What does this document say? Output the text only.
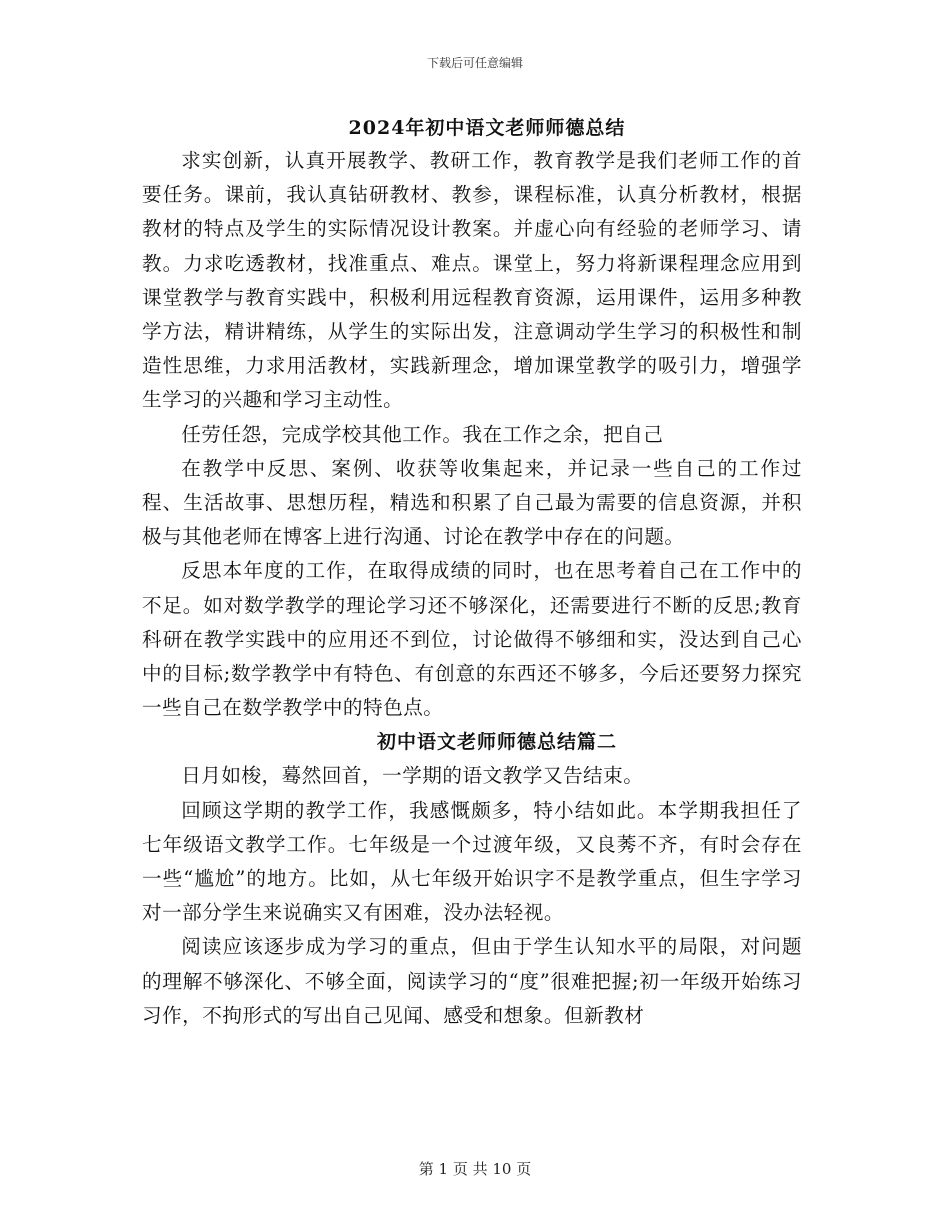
下载后可任意编辑
2024年初中语文老师师德总结

求实创新，认真开展教学、教研工作，教育教学是我们老师工作的首要任务。课前，我认真钻研教材、教参，课程标准，认真分析教材，根据教材的特点及学生的实际情况设计教案。并虚心向有经验的老师学习、请教。力求吃透教材，找准重点、难点。课堂上，努力将新课程理念应用到课堂教学与教育实践中，积极利用远程教育资源，运用课件，运用多种教学方法，精讲精练，从学生的实际出发，注意调动学生学习的积极性和制造性思维，力求用活教材，实践新理念，增加课堂教学的吸引力，增强学生学习的兴趣和学习主动性。

任劳任怨，完成学校其他工作。我在工作之余，把自己

在教学中反思、案例、收获等收集起来，并记录一些自己的工作过程、生活故事、思想历程，精选和积累了自己最为需要的信息资源，并积极与其他老师在博客上进行沟通、讨论在教学中存在的问题。

反思本年度的工作，在取得成绩的同时，也在思考着自己在工作中的不足。如对数学教学的理论学习还不够深化，还需要进行不断的反思;教育科研在教学实践中的应用还不到位，讨论做得不够细和实，没达到自己心中的目标;数学教学中有特色、有创意的东西还不够多，今后还要努力探究一些自己在数学教学中的特色点。

初中语文老师师德总结篇二

日月如梭，蓦然回首，一学期的语文教学又告结束。

回顾这学期的教学工作，我感慨颇多，特小结如此。本学期我担任了七年级语文教学工作。七年级是一个过渡年级，又良莠不齐，有时会存在一些“尴尬”的地方。比如，从七年级开始识字不是教学重点，但生字学习对一部分学生来说确实又有困难，没办法轻视。

阅读应该逐步成为学习的重点，但由于学生认知水平的局限，对问题的理解不够深化、不够全面，阅读学习的“度”很难把握;初一年级开始练习习作，不拘形式的写出自己见闻、感受和想象。但新教材

第 1 页 共 10 页
